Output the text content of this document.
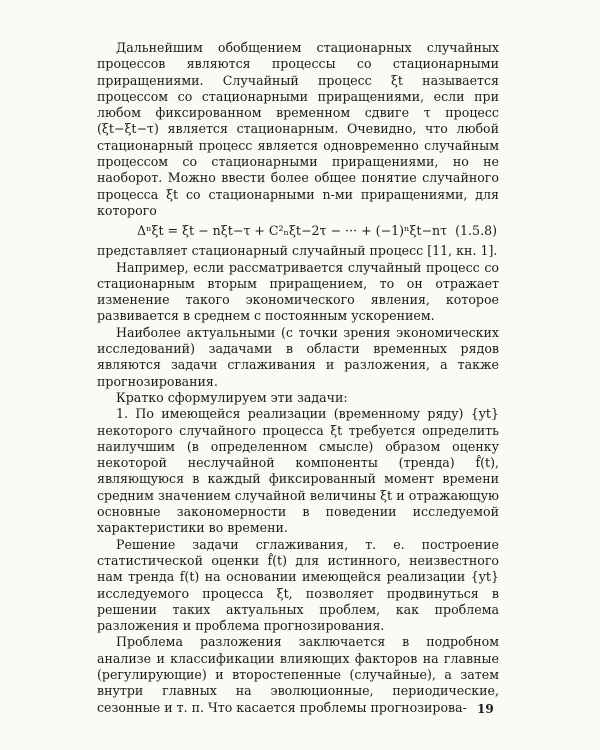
Дальнейшим обобщением стационарных случайных процессов являются процессы со стационарными приращениями. Случайный процесс ξt называется процессом со стационарными приращениями, если при любом фиксированном временном сдвиге τ процесс (ξt−ξt−τ) является стационарным. Очевидно, что любой стационарный процесс является одновременно случайным процессом со стационарными приращениями, но не наоборот. Можно ввести более общее понятие случайного процесса ξt со стационарными n-ми приращениями, для которого

Δⁿξt = ξt − nξt−τ + C²ₙξt−2τ − ··· + (−1)ⁿξt−nτ (1.5.8)

представляет стационарный случайный процесс [11, кн. 1].

Например, если рассматривается случайный процесс со стационарным вторым приращением, то он отражает изменение такого экономического явления, которое развивается в среднем с постоянным ускорением.

Наиболее актуальными (с точки зрения экономических исследований) задачами в области временных рядов являются задачи сглаживания и разложения, а также прогнозирования.

Кратко сформулируем эти задачи:

1. По имеющейся реализации (временному ряду) {yt} некоторого случайного процесса ξt требуется определить наилучшим (в определенном смысле) образом оценку некоторой неслучайной компоненты (тренда) f̂(t), являющуюся в каждый фиксированный момент времени средним значением случайной величины ξt и отражающую основные закономерности в поведении исследуемой характеристики во времени.

Решение задачи сглаживания, т. е. построение статистической оценки f̂(t) для истинного, неизвестного нам тренда f(t) на основании имеющейся реализации {yt} исследуемого процесса ξt, позволяет продвинуться в решении таких актуальных проблем, как проблема разложения и проблема прогнозирования.

Проблема разложения заключается в подробном анализе и классификации влияющих факторов на главные (регулирующие) и второстепенные (случайные), а затем внутри главных на эволюционные, периодические, сезонные и т. п. Что касается проблемы прогнозирова- 19
